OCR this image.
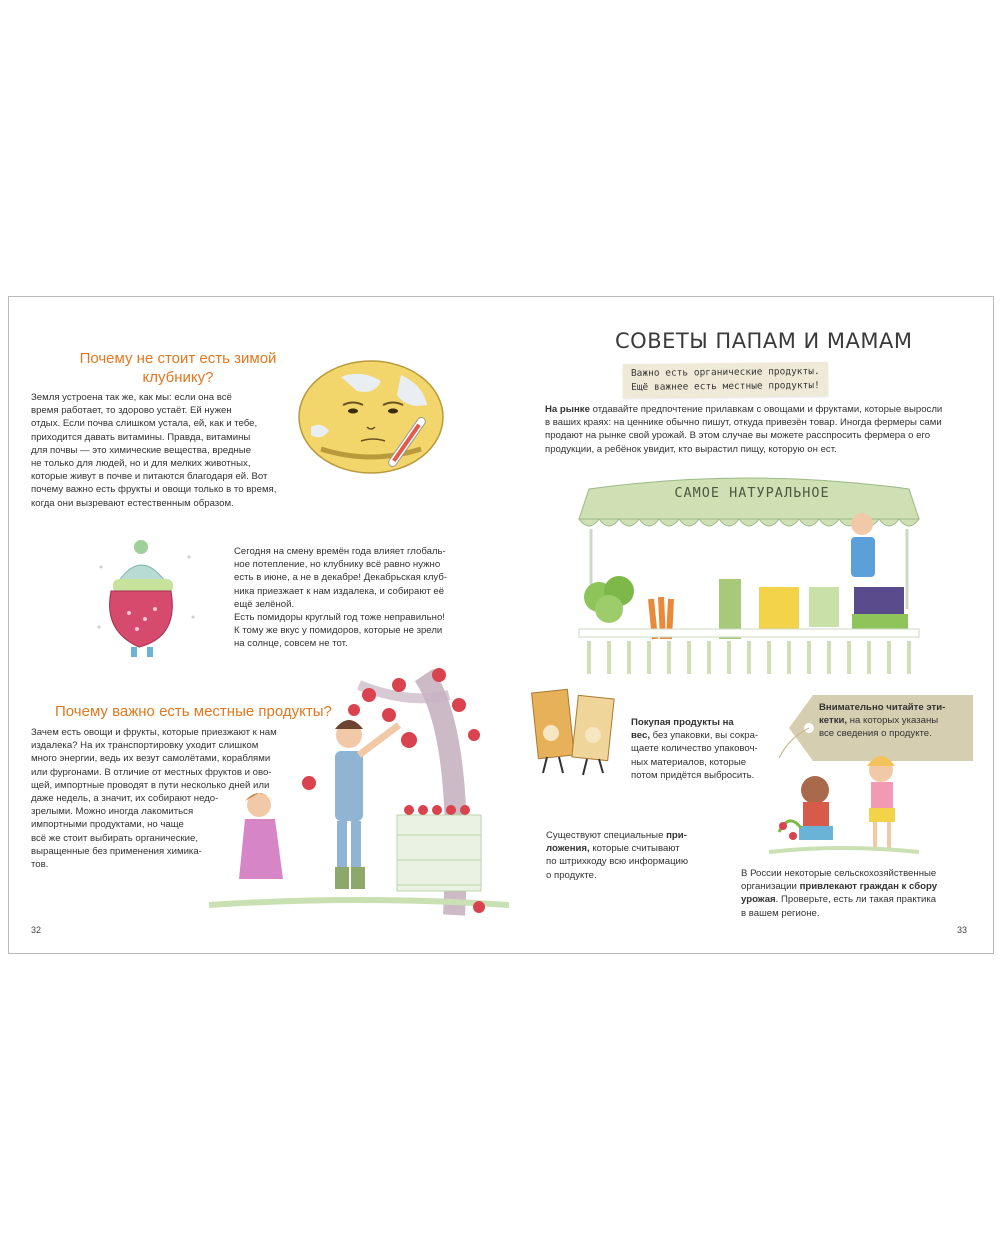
Почему не стоит есть зимой
клубнику?
Земля устроена так же, как мы: если она всё
время работает, то здорово устаёт. Ей нужен
отдых. Если почва слишком устала, ей, как и тебе,
приходится давать витамины. Правда, витамины
для почвы — это химические вещества, вредные
не только для людей, но и для мелких животных,
которые живут в почве и питаются благодаря ей. Вот
почему важно есть фрукты и овощи только в то время,
когда они вызревают естественным образом.
Сегодня на смену времён года влияет глобаль-
ное потепление, но клубнику всё равно нужно
есть в июне, а не в декабре! Декабрьская клуб-
ника приезжает к нам издалека, и собирают её
ещё зелёной.
Есть помидоры круглый год тоже неправильно!
К тому же вкус у помидоров, которые не зрели
на солнце, совсем не тот.
Почему важно есть местные продукты?
Зачем есть овощи и фрукты, которые приезжают к нам
издалека? На их транспортировку уходит слишком
много энергии, ведь их везут самолётами, кораблями
или фургонами. В отличие от местных фруктов и ово-
щей, импортные проводят в пути несколько дней или
даже недель, а значит, их собирают недо-
зрелыми. Можно иногда лакомиться
импортными продуктами, но чаще
всё же стоит выбирать органические,
выращенные без применения химика-
тов.
32
СОВЕТЫ ПАПАМ И МАМАМ
Важно есть органические продукты.
Ещё важнее есть местные продукты!
На рынке отдавайте предпочтение прилавкам с овощами и фруктами, которые выросли
в ваших краях: на ценнике обычно пишут, откуда привезён товар. Иногда фермеры сами
продают на рынке свой урожай. В этом случае вы можете расспросить фермера о его
продукции, а ребёнок увидит, кто вырастил пищу, которую он ест.
САМОЕ НАТУРАЛЬНОЕ
Покупая продукты на
вес, без упаковки, вы сокра-
щаете количество упаковоч-
ных материалов, которые
потом придётся выбросить.
Внимательно читайте эти-
кетки, на которых указаны
все сведения о продукте.
Существуют специальные при-
ложения, которые считывают
по штрихкоду всю информацию
о продукте.	В России некоторые сельскохозяйственные
организации привлекают граждан к сбору
урожая. Проверьте, есть ли такая практика
в вашем регионе.
33
